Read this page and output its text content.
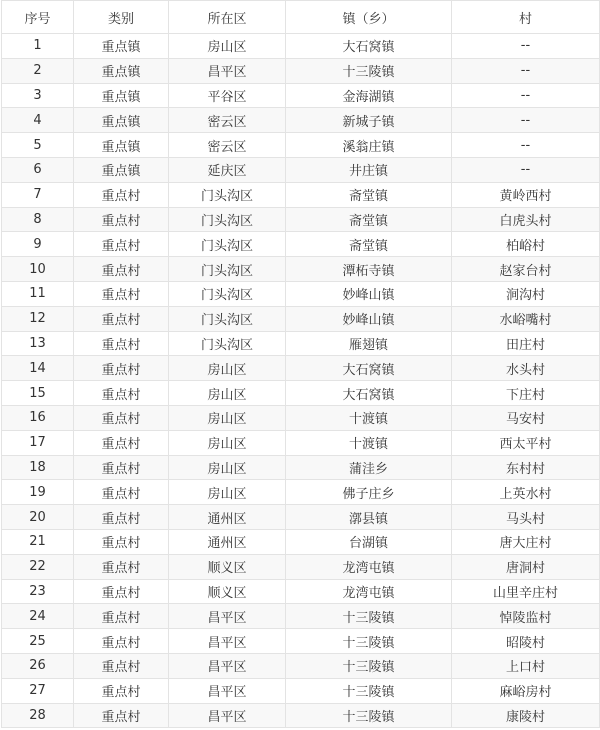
序号	类别	所在区	镇（乡）	村
1	重点镇	房山区	大石窝镇	--
2	重点镇	昌平区	十三陵镇	--
3	重点镇	平谷区	金海湖镇	--
4	重点镇	密云区	新城子镇	--
5	重点镇	密云区	溪翁庄镇	--
6	重点镇	延庆区	井庄镇	--
7	重点村	门头沟区	斋堂镇	黄岭西村
8	重点村	门头沟区	斋堂镇	白虎头村
9	重点村	门头沟区	斋堂镇	柏峪村
10	重点村	门头沟区	潭柘寺镇	赵家台村
11	重点村	门头沟区	妙峰山镇	涧沟村
12	重点村	门头沟区	妙峰山镇	水峪嘴村
13	重点村	门头沟区	雁翅镇	田庄村
14	重点村	房山区	大石窝镇	水头村
15	重点村	房山区	大石窝镇	下庄村
16	重点村	房山区	十渡镇	马安村
17	重点村	房山区	十渡镇	西太平村
18	重点村	房山区	蒲洼乡	东村村
19	重点村	房山区	佛子庄乡	上英水村
20	重点村	通州区	漷县镇	马头村
21	重点村	通州区	台湖镇	唐大庄村
22	重点村	顺义区	龙湾屯镇	唐洞村
23	重点村	顺义区	龙湾屯镇	山里辛庄村
24	重点村	昌平区	十三陵镇	悼陵监村
25	重点村	昌平区	十三陵镇	昭陵村
26	重点村	昌平区	十三陵镇	上口村
27	重点村	昌平区	十三陵镇	麻峪房村
28	重点村	昌平区	十三陵镇	康陵村
